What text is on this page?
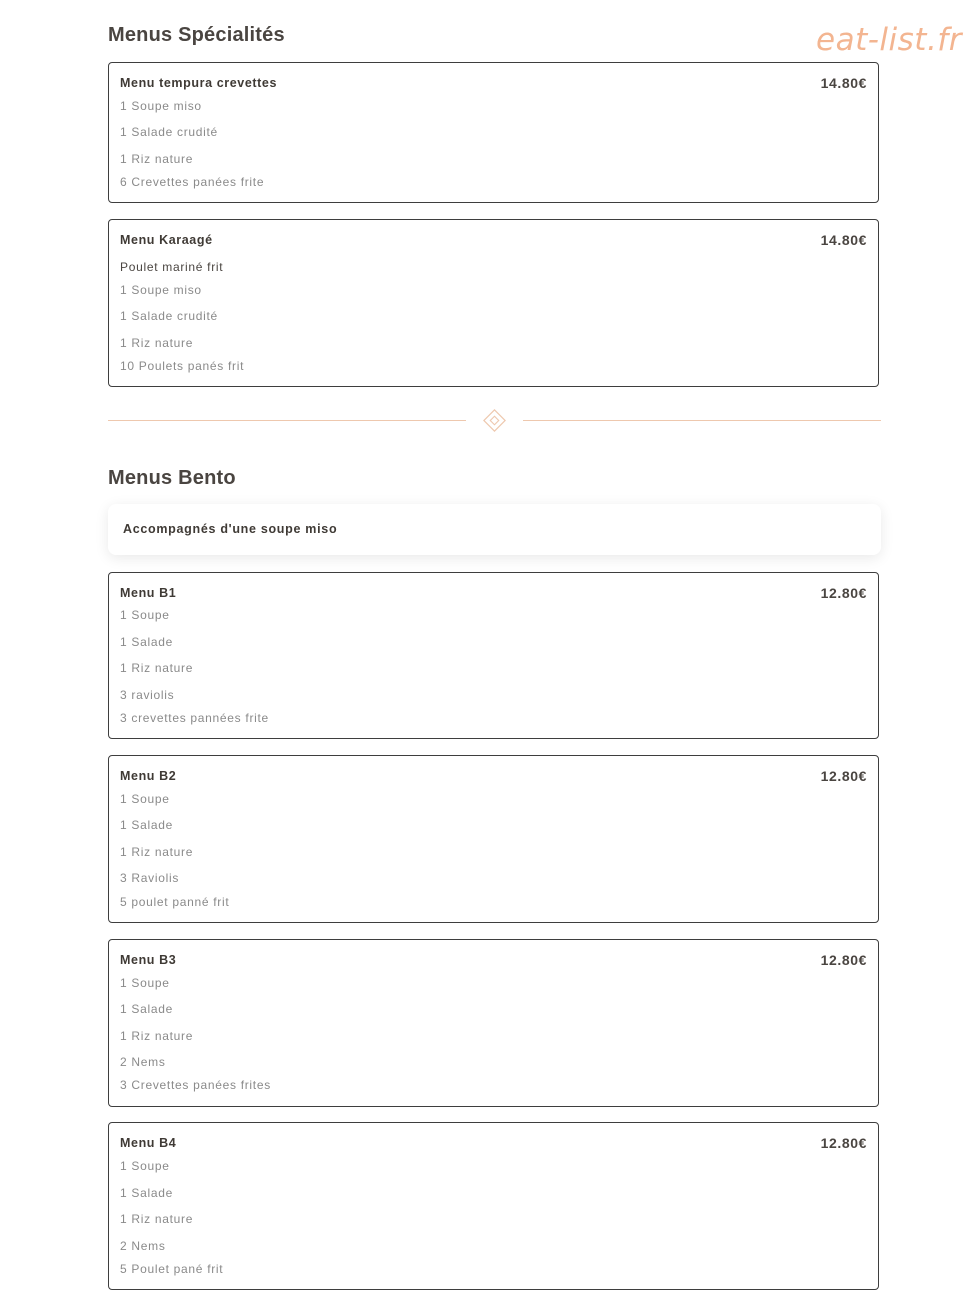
eat-list.fr
Menus Spécialités
Menu tempura crevettes	14.80€
1 Soupe miso
1 Salade crudité
1 Riz nature
6 Crevettes panées frite
Menu Karaagé	14.80€
Poulet mariné frit
1 Soupe miso
1 Salade crudité
1 Riz nature
10 Poulets panés frit
Menus Bento
Accompagnés d'une soupe miso
Menu B1	12.80€
1 Soupe
1 Salade
1 Riz nature
3 raviolis
3 crevettes pannées frite
Menu B2	12.80€
1 Soupe
1 Salade
1 Riz nature
3 Raviolis
5 poulet panné frit
Menu B3	12.80€
1 Soupe
1 Salade
1 Riz nature
2 Nems
3 Crevettes panées frites
Menu B4	12.80€
1 Soupe
1 Salade
1 Riz nature
2 Nems
5 Poulet pané frit
